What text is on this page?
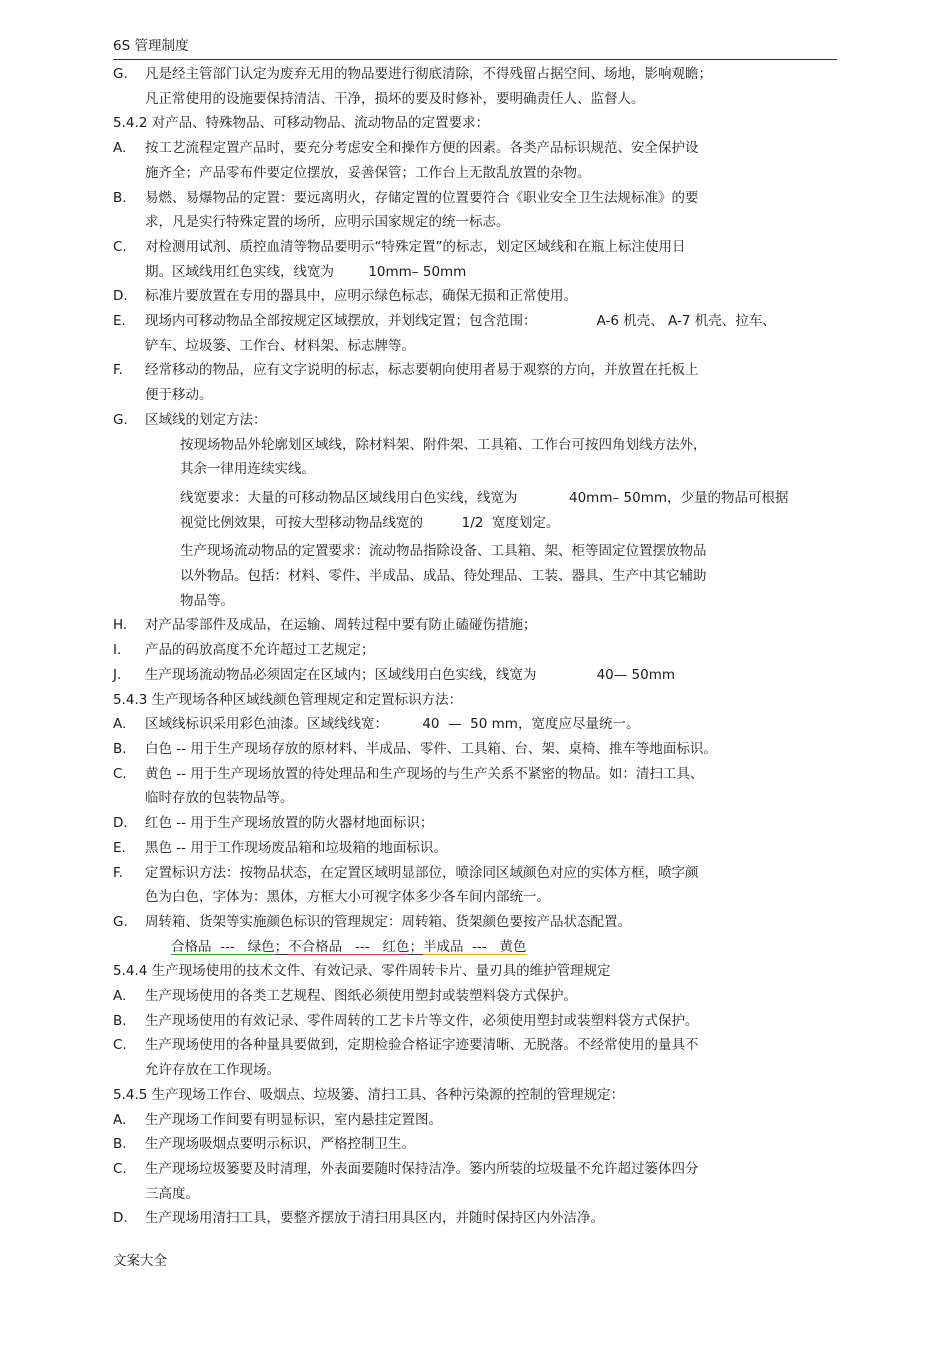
6S 管理制度
G. 凡是经主管部门认定为废弃无用的物品要进行彻底清除，不得残留占据空间、场地，影响观瞻；
凡正常使用的设施要保持清洁、干净，损坏的要及时修补，要明确责任人、监督人。
5.4.2 对产品、特殊物品、可移动物品、流动物品的定置要求：
A. 按工艺流程定置产品时，要充分考虑安全和操作方便的因素。各类产品标识规范、安全保护设
施齐全；产品零布件要定位摆放，妥善保管；工作台上无散乱放置的杂物。
B. 易燃、易爆物品的定置：要远离明火，存储定置的位置要符合《职业安全卫生法规标准》的要
求，凡是实行特殊定置的场所，应明示国家规定的统一标志。
C. 对检测用试剂、质控血清等物品要明示“特殊定置”的标志，划定区域线和在瓶上标注使用日
期。区域线用红色实线，线宽为        10mm– 50mm
D. 标准片要放置在专用的器具中，应明示绿色标志，确保无损和正常使用。
E. 现场内可移动物品全部按规定区域摆放，并划线定置；包含范围：              A-6 机壳、 A-7 机壳、拉车、
铲车、垃圾篓、工作台、材料架、标志牌等。
F. 经常移动的物品，应有文字说明的标志，标志要朝向使用者易于观察的方向，并放置在托板上
便于移动。
G. 区域线的划定方法：
按现场物品外轮廓划区域线，除材料架、附件架、工具箱、工作台可按四角划线方法外，
其余一律用连续实线。
线宽要求：大量的可移动物品区域线用白色实线，线宽为            40mm– 50mm，少量的物品可根据
视觉比例效果，可按大型移动物品线宽的         1/2  宽度划定。
生产现场流动物品的定置要求：流动物品指除设备、工具箱、架、柜等固定位置摆放物品
以外物品。包括：材料、零件、半成品、成品、待处理品、工装、器具、生产中其它辅助
物品等。
H. 对产品零部件及成品，在运输、周转过程中要有防止磕碰伤措施；
I. 产品的码放高度不允许超过工艺规定；
J. 生产现场流动物品必须固定在区域内；区域线用白色实线，线宽为              40— 50mm
5.4.3 生产现场各种区域线颜色管理规定和定置标识方法：
A. 区域线标识采用彩色油漆。区域线线宽：        40  —  50 mm，宽度应尽量统一。
B. 白色 -- 用于生产现场存放的原材料、半成品、零件、工具箱、台、架、桌椅、推车等地面标识。
C. 黄色 -- 用于生产现场放置的待处理品和生产现场的与生产关系不紧密的物品。如：清扫工具、
临时存放的包装物品等。
D. 红色 -- 用于生产现场放置的防火器材地面标识；
E. 黑色 -- 用于工作现场废品箱和垃圾箱的地面标识。
F. 定置标识方法：按物品状态，在定置区域明显部位，喷涂同区域颜色对应的实体方框，喷字颜
色为白色，字体为：黑体，方框大小可视字体多少各车间内部统一。
G. 周转箱、货架等实施颜色标识的管理规定：周转箱、货架颜色要按产品状态配置。
合格品  ---   绿色；不合格品   ---   红色；半成品  ---   黄色
5.4.4 生产现场使用的技术文件、有效记录、零件周转卡片、量刃具的维护管理规定
A. 生产现场使用的各类工艺规程、图纸必须使用塑封或装塑料袋方式保护。
B. 生产现场使用的有效记录、零件周转的工艺卡片等文件，必须使用塑封或装塑料袋方式保护。
C. 生产现场使用的各种量具要做到，定期检验合格证字迹要清晰、无脱落。不经常使用的量具不
允许存放在工作现场。
5.4.5 生产现场工作台、吸烟点、垃圾篓、清扫工具、各种污染源的控制的管理规定：
A. 生产现场工作间要有明显标识，室内悬挂定置图。
B. 生产现场吸烟点要明示标识，严格控制卫生。
C. 生产现场垃圾篓要及时清理，外表面要随时保持洁净。篓内所装的垃圾量不允许超过篓体四分
三高度。
D. 生产现场用清扫工具，要整齐摆放于清扫用具区内，并随时保持区内外洁净。
文案大全
